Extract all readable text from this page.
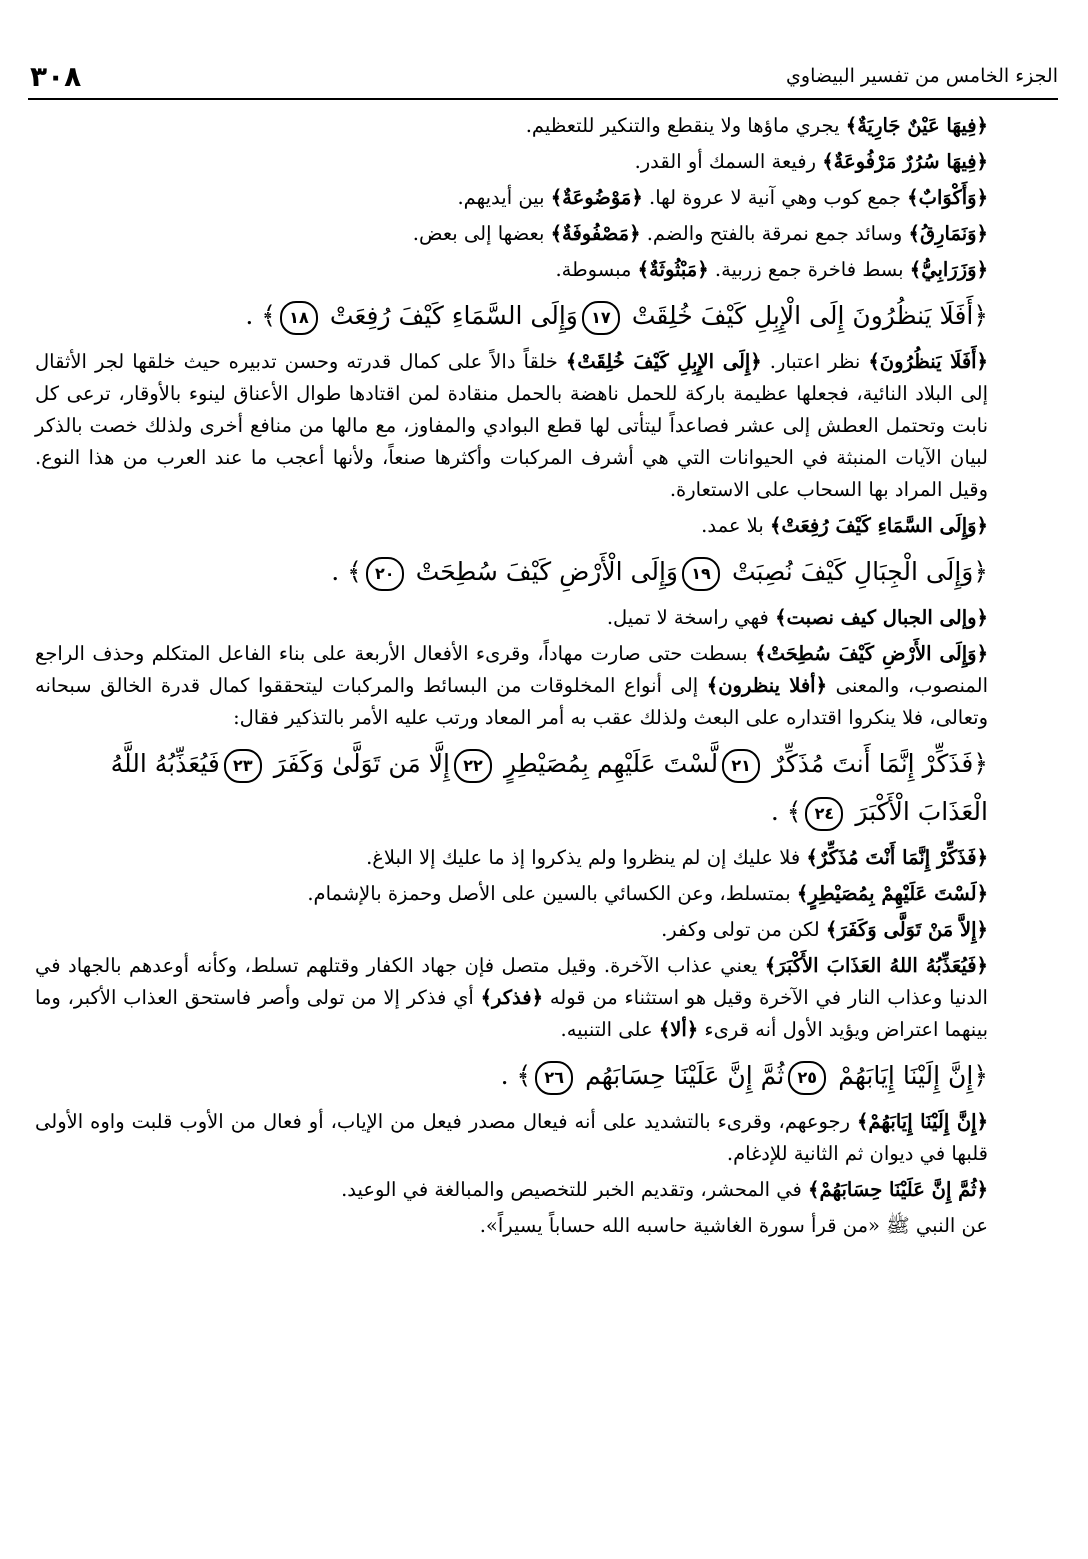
٣٠٨	الجزء الخامس من تفسير البيضاوي
﴿فِيهَا عَيْنٌ جَارِيَةٌ﴾ يجري ماؤها ولا ينقطع والتنكير للتعظيم.
﴿فِيهَا سُرُرٌ مَرْفُوعَةٌ﴾ رفيعة السمك أو القدر.
﴿وَأَكْوَابٌ﴾ جمع كوب وهي آنية لا عروة لها. ﴿مَوْضُوعَةٌ﴾ بين أيديهم.
﴿وَنَمَارِقُ﴾ وسائد جمع نمرقة بالفتح والضم. ﴿مَصْفُوفَةٌ﴾ بعضها إلى بعض.
﴿وَزَرَابِيُّ﴾ بسط فاخرة جمع زربية. ﴿مَبْثُوثَةٌ﴾ مبسوطة.
﴿أَفَلَا يَنظُرُونَ إِلَى الْإِبِلِ كَيْفَ خُلِقَتْ ١٧وَإِلَى السَّمَاءِ كَيْفَ رُفِعَتْ ١٨﴾ .
﴿أَفَلَا يَنظُرُونَ﴾ نظر اعتبار. ﴿إِلَى الإِبِلِ كَيْفَ خُلِقَتْ﴾ خلقاً دالاً على كمال قدرته وحسن تدبيره حيث خلقها لجر الأثقال إلى البلاد النائية، فجعلها عظيمة باركة للحمل ناهضة بالحمل منقادة لمن اقتادها طوال الأعناق لينوء بالأوقار، ترعى كل نابت وتحتمل العطش إلى عشر فصاعداً ليتأتى لها قطع البوادي والمفاوز، مع مالها من منافع أخرى ولذلك خصت بالذكر لبيان الآيات المنبثة في الحيوانات التي هي أشرف المركبات وأكثرها صنعاً، ولأنها أعجب ما عند العرب من هذا النوع. وقيل المراد بها السحاب على الاستعارة.
﴿وَإِلَى السَّمَاءِ كَيْفَ رُفِعَتْ﴾ بلا عمد.
﴿وَإِلَى الْجِبَالِ كَيْفَ نُصِبَتْ ١٩وَإِلَى الْأَرْضِ كَيْفَ سُطِحَتْ ٢٠﴾ .
﴿وإلى الجبال كيف نصبت﴾ فهي راسخة لا تميل.
﴿وَإِلَى الأَرْضِ كَيْفَ سُطِحَتْ﴾ بسطت حتى صارت مهاداً، وقرىء الأفعال الأربعة على بناء الفاعل المتكلم وحذف الراجع المنصوب، والمعنى ﴿أفلا ينظرون﴾ إلى أنواع المخلوقات من البسائط والمركبات ليتحققوا كمال قدرة الخالق سبحانه وتعالى، فلا ينكروا اقتداره على البعث ولذلك عقب به أمر المعاد ورتب عليه الأمر بالتذكير فقال:
﴿فَذَكِّرْ إِنَّمَا أَنتَ مُذَكِّرٌ ٢١لَّسْتَ عَلَيْهِم بِمُصَيْطِرٍ ٢٢إِلَّا مَن تَوَلَّىٰ وَكَفَرَ ٢٣فَيُعَذِّبُهُ اللَّهُ الْعَذَابَ الْأَكْبَرَ ٢٤﴾ .
﴿فَذَكِّرْ إِنَّمَا أَنْتَ مُذَكِّرٌ﴾ فلا عليك إن لم ينظروا ولم يذكروا إذ ما عليك إلا البلاغ.
﴿لَسْتَ عَلَيْهِمْ بِمُصَيْطِرٍ﴾ بمتسلط، وعن الكسائي بالسين على الأصل وحمزة بالإشمام.
﴿إِلاَّ مَنْ تَوَلَّى وَكَفَرَ﴾ لكن من تولى وكفر.
﴿فَيُعَذِّبُهُ اللهُ العَذَابَ الأَكْبَرَ﴾ يعني عذاب الآخرة. وقيل متصل فإن جهاد الكفار وقتلهم تسلط، وكأنه أوعدهم بالجهاد في الدنيا وعذاب النار في الآخرة وقيل هو استثناء من قوله ﴿فذكر﴾ أي فذكر إلا من تولى وأصر فاستحق العذاب الأكبر، وما بينهما اعتراض ويؤيد الأول أنه قرىء ﴿ألا﴾ على التنبيه.
﴿إِنَّ إِلَيْنَا إِيَابَهُمْ ٢٥ثُمَّ إِنَّ عَلَيْنَا حِسَابَهُم ٢٦﴾ .
﴿إِنَّ إِلَيْنَا إِيَابَهُمْ﴾ رجوعهم، وقرىء بالتشديد على أنه فيعال مصدر فيعل من الإياب، أو فعال من الأوب قلبت واوه الأولى قلبها في ديوان ثم الثانية للإدغام.
﴿ثُمَّ إِنَّ عَلَيْنَا حِسَابَهُمْ﴾ في المحشر، وتقديم الخبر للتخصيص والمبالغة في الوعيد.
عن النبي ﷺ «من قرأ سورة الغاشية حاسبه الله حساباً يسيراً».
